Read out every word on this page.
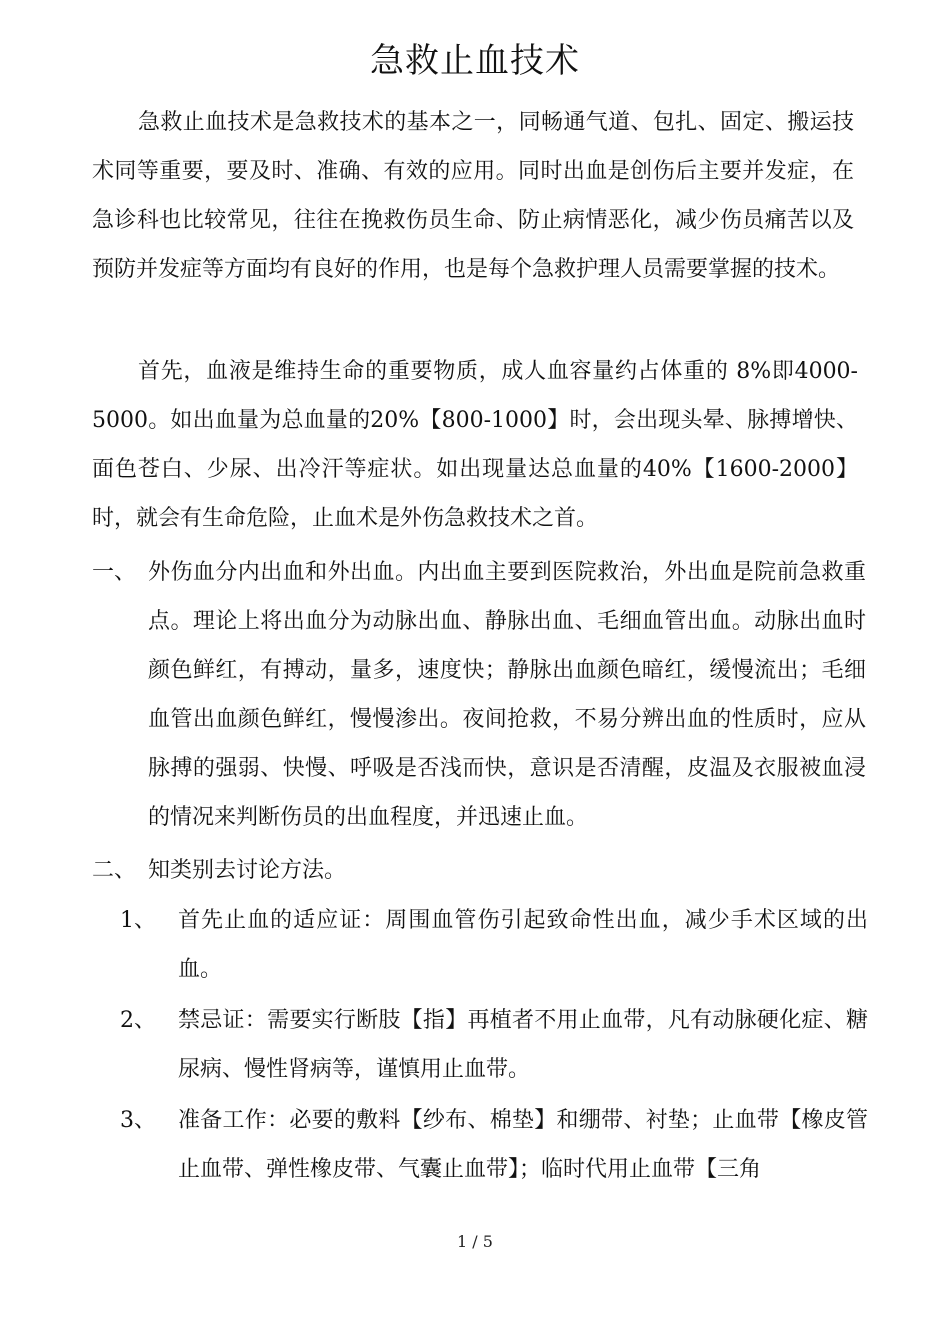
急救止血技术

急救止血技术是急救技术的基本之一，同畅通气道、包扎、固定、搬运技术同等重要，要及时、准确、有效的应用。同时出血是创伤后主要并发症，在急诊科也比较常见，往往在挽救伤员生命、防止病情恶化，减少伤员痛苦以及预防并发症等方面均有良好的作用，也是每个急救护理人员需要掌握的技术。

首先，血液是维持生命的重要物质，成人血容量约占体重的 8%即4000-5000。如出血量为总血量的20%【800-1000】时，会出现头晕、脉搏增快、面色苍白、少尿、出冷汗等症状。如出现量达总血量的40%【1600-2000】时，就会有生命危险，止血术是外伤急救技术之首。

一、 外伤血分内出血和外出血。内出血主要到医院救治，外出血是院前急救重点。理论上将出血分为动脉出血、静脉出血、毛细血管出血。动脉出血时颜色鲜红，有搏动，量多，速度快；静脉出血颜色暗红，缓慢流出；毛细血管出血颜色鲜红，慢慢渗出。夜间抢救，不易分辨出血的性质时，应从脉搏的强弱、快慢、呼吸是否浅而快，意识是否清醒，皮温及衣服被血浸的情况来判断伤员的出血程度，并迅速止血。

二、 知类别去讨论方法。

1、 首先止血的适应证：周围血管伤引起致命性出血，减少手术区域的出血。

2、 禁忌证：需要实行断肢【指】再植者不用止血带，凡有动脉硬化症、糖尿病、慢性肾病等，谨慎用止血带。

3、 准备工作：必要的敷料【纱布、棉垫】和绷带、衬垫；止血带【橡皮管止血带、弹性橡皮带、气囊止血带】；临时代用止血带【三角

1 / 5
